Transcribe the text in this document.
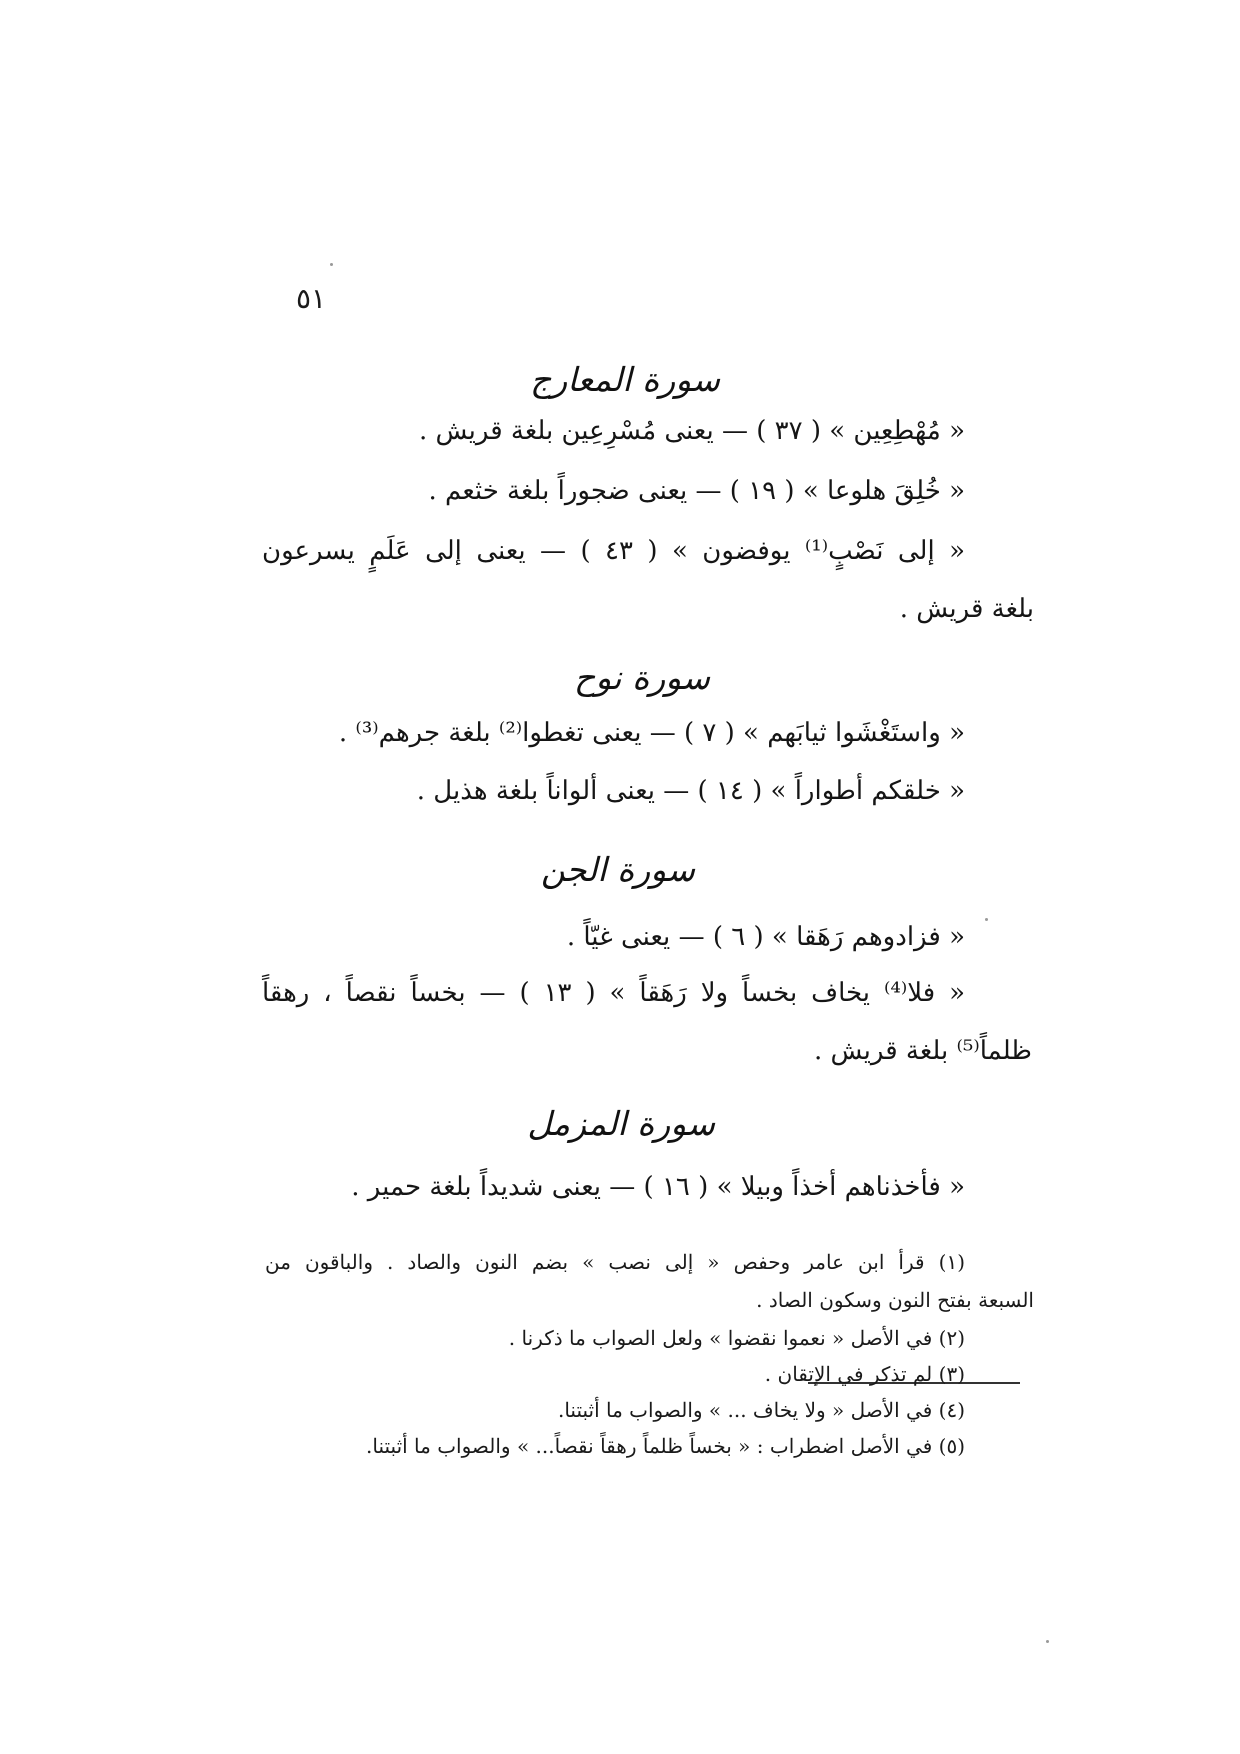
٥١
سورة المعارج
« مُهْطِعِين » ( ٣٧ ) — يعنى مُسْرِعِين بلغة قريش .
« خُلِقَ هلوعا » ( ١٩ ) — يعنى ضجوراً بلغة خثعم .
« إلى نَصْبٍ⁽¹⁾ يوفضون » ( ٤٣ ) — يعنى إلى عَلَمٍ يسرعون
بلغة قريش .
سورة نوح
« واستَغْشَوا ثيابَهم » ( ٧ ) — يعنى تغطوا⁽²⁾ بلغة جرهم⁽³⁾ .
« خلقكم أطواراً » ( ١٤ ) — يعنى ألواناً بلغة هذيل .
سورة الجن
« فزادوهم رَهَقا » ( ٦ ) — يعنى غيّاً .
« فلا⁽⁴⁾ يخاف بخساً ولا رَهَقاً » ( ١٣ ) — بخساً نقصاً ، رهقاً
ظلماً⁽⁵⁾ بلغة قريش .
سورة المزمل
« فأخذناهم أخذاً وبيلا » ( ١٦ ) — يعنى شديداً بلغة حمير .
(١) قرأ ابن عامر وحفص « إلى نصب » بضم النون والصاد . والباقون من
السبعة بفتح النون وسكون الصاد .
(٢) في الأصل « نعموا نقضوا » ولعل الصواب ما ذكرنا .
(٣) لم تذكر في الإتقان .
(٤) في الأصل « ولا يخاف ... » والصواب ما أثبتنا.
(٥) في الأصل اضطراب : « بخساً ظلماً رهقاً نقصاً... » والصواب ما أثبتنا.
